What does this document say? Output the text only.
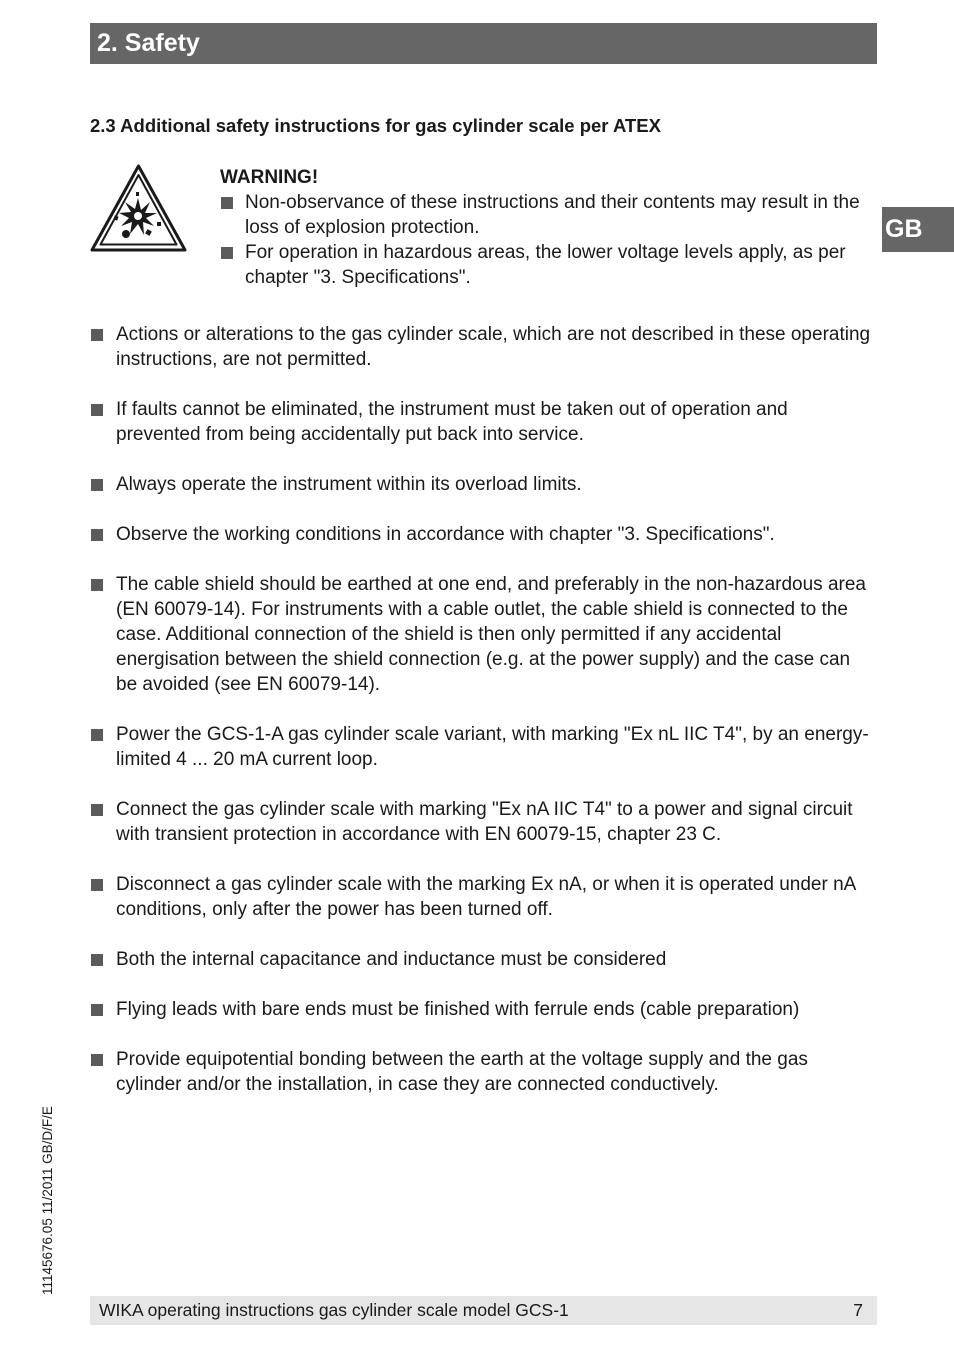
2. Safety
GB
2.3 Additional safety instructions for gas cylinder scale per ATEX
WARNING!
Non-observance of these instructions and their contents may result in the loss of explosion protection.
For operation in hazardous areas, the lower voltage levels apply, as per chapter "3. Specifications".
Actions or alterations to the gas cylinder scale, which are not described in these operating instructions, are not permitted.
If faults cannot be eliminated, the instrument must be taken out of operation and prevented from being accidentally put back into service.
Always operate the instrument within its overload limits.
Observe the working conditions in accordance with chapter "3. Specifications".
The cable shield should be earthed at one end, and preferably in the non-hazardous area (EN 60079-14). For instruments with a cable outlet, the cable shield is connected to the case. Additional connection of the shield is then only permitted if any accidental energisation between the shield connection (e.g. at the power supply) and the case can be avoided (see EN 60079-14).
Power the GCS-1-A gas cylinder scale variant, with marking "Ex nL IIC T4", by an energy-limited 4 ... 20 mA current loop.
Connect the gas cylinder scale with marking "Ex nA IIC T4" to a power and signal circuit with transient protection in accordance with EN 60079-15, chapter 23 C.
Disconnect a gas cylinder scale with the marking Ex nA, or when it is operated under nA conditions, only after the power has been turned off.
Both the internal capacitance and inductance must be considered
Flying leads with bare ends must be finished with ferrule ends (cable preparation)
Provide equipotential bonding between the earth at the voltage supply and the gas cylinder and/or the installation, in case they are connected conductively.
11145676.05 11/2011 GB/D/F/E
WIKA operating instructions gas cylinder scale model GCS-1	7
